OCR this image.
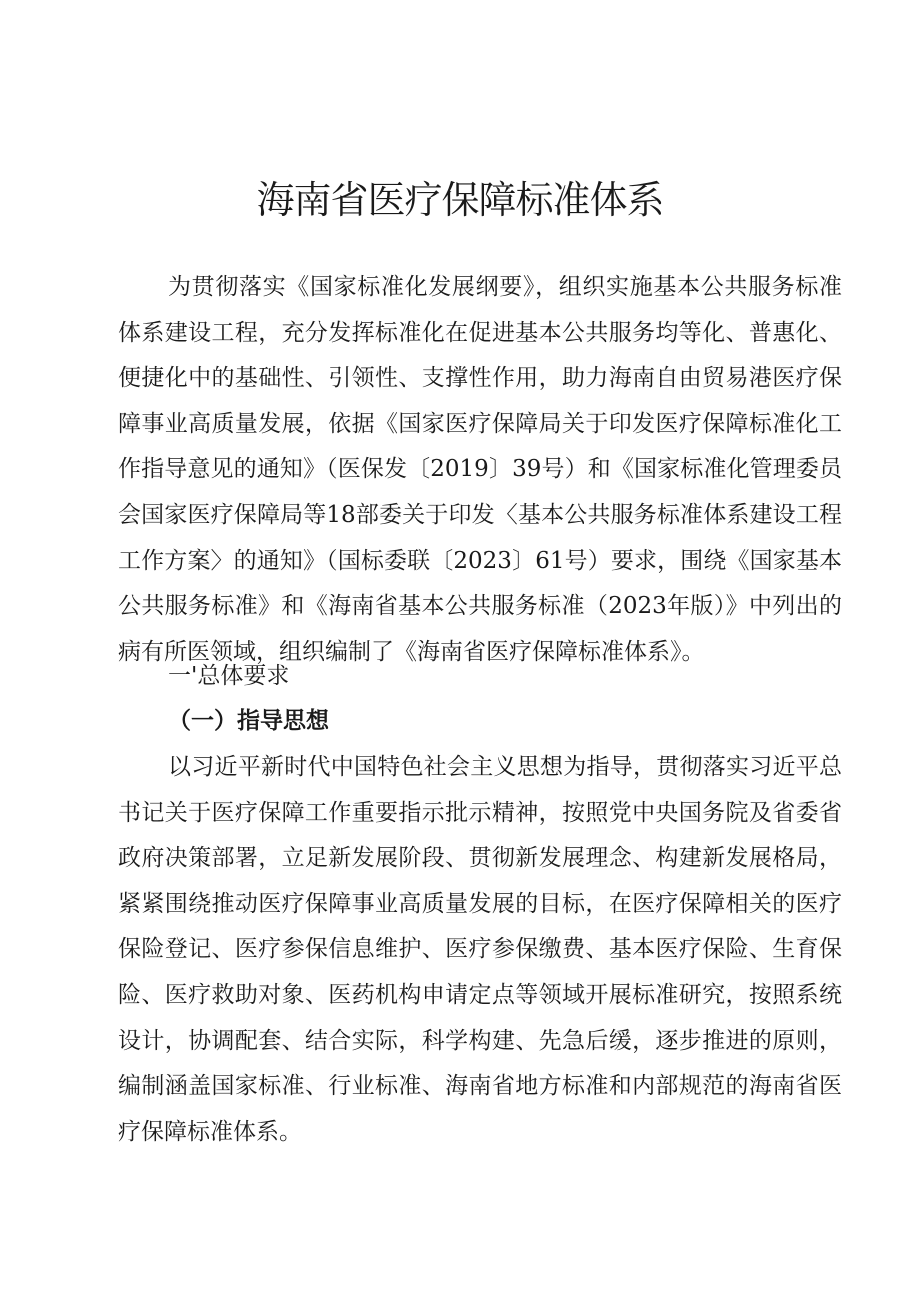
海南省医疗保障标准体系

为贯彻落实《国家标准化发展纲要》，组织实施基本公共服务标准体系建设工程，充分发挥标准化在促进基本公共服务均等化、普惠化、便捷化中的基础性、引领性、支撑性作用，助力海南自由贸易港医疗保障事业高质量发展，依据《国家医疗保障局关于印发医疗保障标准化工作指导意见的通知》（医保发〔2019〕39号）和《国家标准化管理委员会国家医疗保障局等18部委关于印发〈基本公共服务标准体系建设工程工作方案〉的通知》（国标委联〔2023〕61号）要求，围绕《国家基本公共服务标准》和《海南省基本公共服务标准（2023年版）》中列出的病有所医领域，组织编制了《海南省医疗保障标准体系》。

一'总体要求
（一）指导思想

以习近平新时代中国特色社会主义思想为指导，贯彻落实习近平总书记关于医疗保障工作重要指示批示精神，按照党中央国务院及省委省政府决策部署，立足新发展阶段、贯彻新发展理念、构建新发展格局，紧紧围绕推动医疗保障事业高质量发展的目标，在医疗保障相关的医疗保险登记、医疗参保信息维护、医疗参保缴费、基本医疗保险、生育保险、医疗救助对象、医药机构申请定点等领域开展标准研究，按照系统设计，协调配套、结合实际，科学构建、先急后缓，逐步推进的原则，编制涵盖国家标准、行业标准、海南省地方标准和内部规范的海南省医疗保障标准体系。
